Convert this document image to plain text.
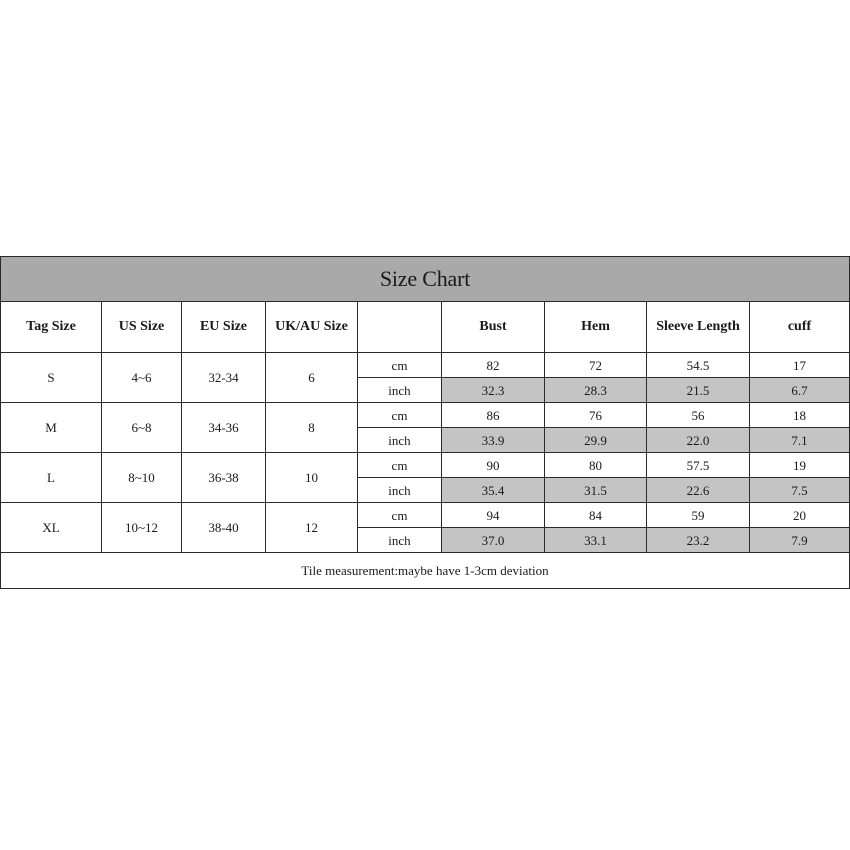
Size Chart								
Tag Size	US Size	EU Size	UK/AU Size		Bust	Hem	Sleeve Length	cuff
S	4~6	32-34	6	cm	82	72	54.5	17
				inch	32.3	28.3	21.5	6.7
M	6~8	34-36	8	cm	86	76	56	18
				inch	33.9	29.9	22.0	7.1
L	8~10	36-38	10	cm	90	80	57.5	19
				inch	35.4	31.5	22.6	7.5
XL	10~12	38-40	12	cm	94	84	59	20
				inch	37.0	33.1	23.2	7.9
Tile measurement:maybe have 1-3cm deviation								
